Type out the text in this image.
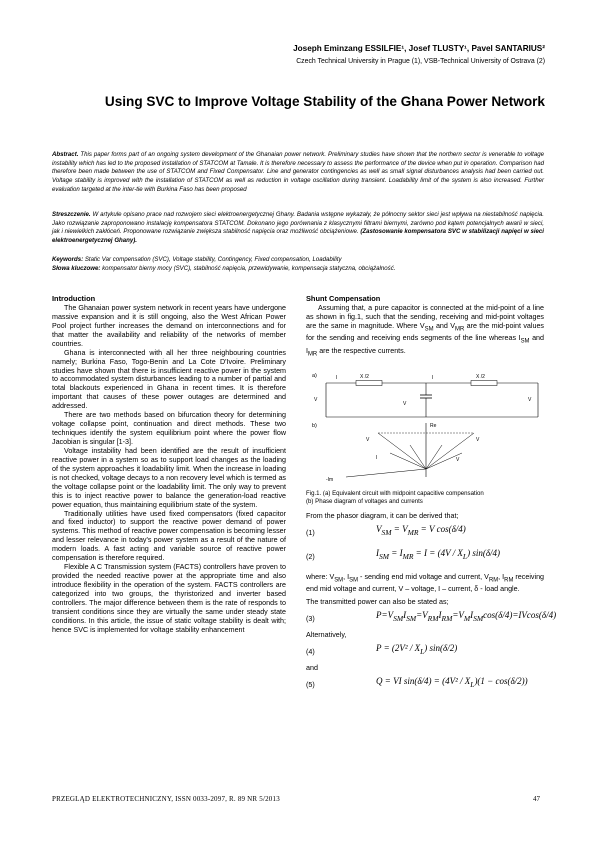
Joseph Eminzang ESSILFIE¹, Josef TLUSTY¹, Pavel SANTARIUS²
Czech Technical University in Prague (1), VSB-Technical University of Ostrava (2)
Using SVC to Improve Voltage Stability of the Ghana Power Network
Abstract. This paper forms part of an ongoing system development of the Ghanaian power network. Preliminary studies have shown that the northern sector is venerable to voltage instability which has led to the proposed installation of STATCOM at Tamale. It is therefore necessary to assess the performance of the device when put in operation. Comparison had therefore been made between the use of STATCOM and Fixed Compensator. Line and generator contingencies as well as small signal disturbances analysis had been carried out. Voltage stability is improved with the installation of STATCOM as well as reduction in voltage oscillation during transient. Loadability limit of the system is also increased. Further evaluation targeted at the inter-tie with Burkina Faso has been proposed
Streszczenie. W artykule opisano prace nad rozwojem sieci elektroenergetycznej Ghany. Badania wstępne wykazały, że północny sektor sieci jest wpływa na niestabilność napięcia. Jako rozwiązanie zaproponowano instalację kompensatora STATCOM. Dokonano jego porównania z klasycznymi filtrami biernymi, zarówno pod kątem potencjalnych awarii w sieci, jak i niewielkich zakłóceń. Proponowane rozwiązanie zwiększa stabilność napięcia oraz możliwość obciążeniowe. (Zastosowanie kompensatora SVC w stabilizacji napięci w sieci elektroenergetycznej Ghany).
Keywords: Static Var compensation (SVC), Voltage stability, Contingency, Fixed compensation, Loadability
Słowa kluczowe: kompensator bierny mocy (SVC), stabilność napięcia, przewidywanie, kompensacja statyczna, obciążalność.
Introduction

The Ghanaian power system network in recent years have undergone massive expansion and it is still ongoing, also the West African Power Pool project further increases the demand on interconnections and for that matter the availability and reliability of the networks of member countries.

Ghana is interconnected with all her three neighbouring countries namely; Burkina Faso, Togo-Benin and La Cote D'Ivoire. Preliminary studies have shown that there is insufficient reactive power in the system to accommodated system disturbances leading to a number of partial and total blackouts experienced in Ghana in recent times. It is therefore important that causes of these power outages are determined and addressed.

There are two methods based on bifurcation theory for determining voltage collapse point, continuation and direct methods. These two techniques identify the system equilibrium point where the power flow Jacobian is singular [1-3].

Voltage instability had been identified are the result of insufficient reactive power in a system so as to support load changes as the loading of the system approaches it loadability limit. When the increase in loading is not checked, voltage decays to a non recovery level which is termed as the voltage collapse point or the loadability limit. The only way to prevent this is to inject reactive power to balance the generation-load reactive power equation, thus maintaining equilibrium state of the system.

Traditionally utilities have used fixed compensators (fixed capacitor and fixed inductor) to support the reactive power demand of power systems. This method of reactive power compensation is becoming lesser and lesser relevance in today's power system as a result of the nature of modern loads. A fast acting and variable source of reactive power compensation is therefore required.

Flexible A C Transmission system (FACTS) controllers have proven to provided the needed reactive power at the appropriate time and also introduce flexibility in the operation of the system. FACTS controllers are categorized into two groups, the thyristorized and inverter based controllers. The major difference between them is the rate of responds to transient conditions since they are virtually the same under steady state conditions. In this article, the issue of static voltage stability is dealt with; hence SVC is implemented for voltage stability enhancement

Shunt Compensation

Assuming that, a pure capacitor is connected at the mid-point of a line as shown in fig.1, such that the sending, receiving and mid-point voltages are the same in magnitude. Where $V_{SM}$ and $V_{MR}$ are the mid-point values for the sending and receiving ends segments of the line whereas $I_{SM}$ and $I_{MR}$ are the respective currents.

a)	I	X /2	I	X /2
V
V
V
b)	Re
V	V
I	V
-Im
Fig.1. (a) Equivalent circuit with midpoint capacitive compensation
(b) Phase diagram of voltages and currents
From the phasor diagram, it can be derived that;
(1)	$V_{SM} = V_{MR} = V$ cos(δ/4)
(2)	$I_{SM} = I_{MR} = I = (4V / X_L)$ sin(δ/4)
where: $V_{SM}$, $I_{SM}$ - sending end mid voltage and current, $V_{RM}$, $I_{RM}$ receiving end mid voltage and current, V – voltage, I – current, δ - load angle.
The transmitted power can also be stated as;
(3)	$P=V_{SM}I_{SM}=V_{RM}I_{RM}=V_MI_{SM}\cos(\delta/4)=IVcos(\delta/4)$
Alternatively,
(4)	$P = (2V^2 / X_L)$ sin(δ/2)
and
(5)	Q = VI $\sin(\delta/4) = (4V^2 / X_L)(1 - \cos(\delta/2))$
PRZEGLĄD ELEKTROTECHNICZNY, ISSN 0033-2097, R. 89 NR 5/2013	47
